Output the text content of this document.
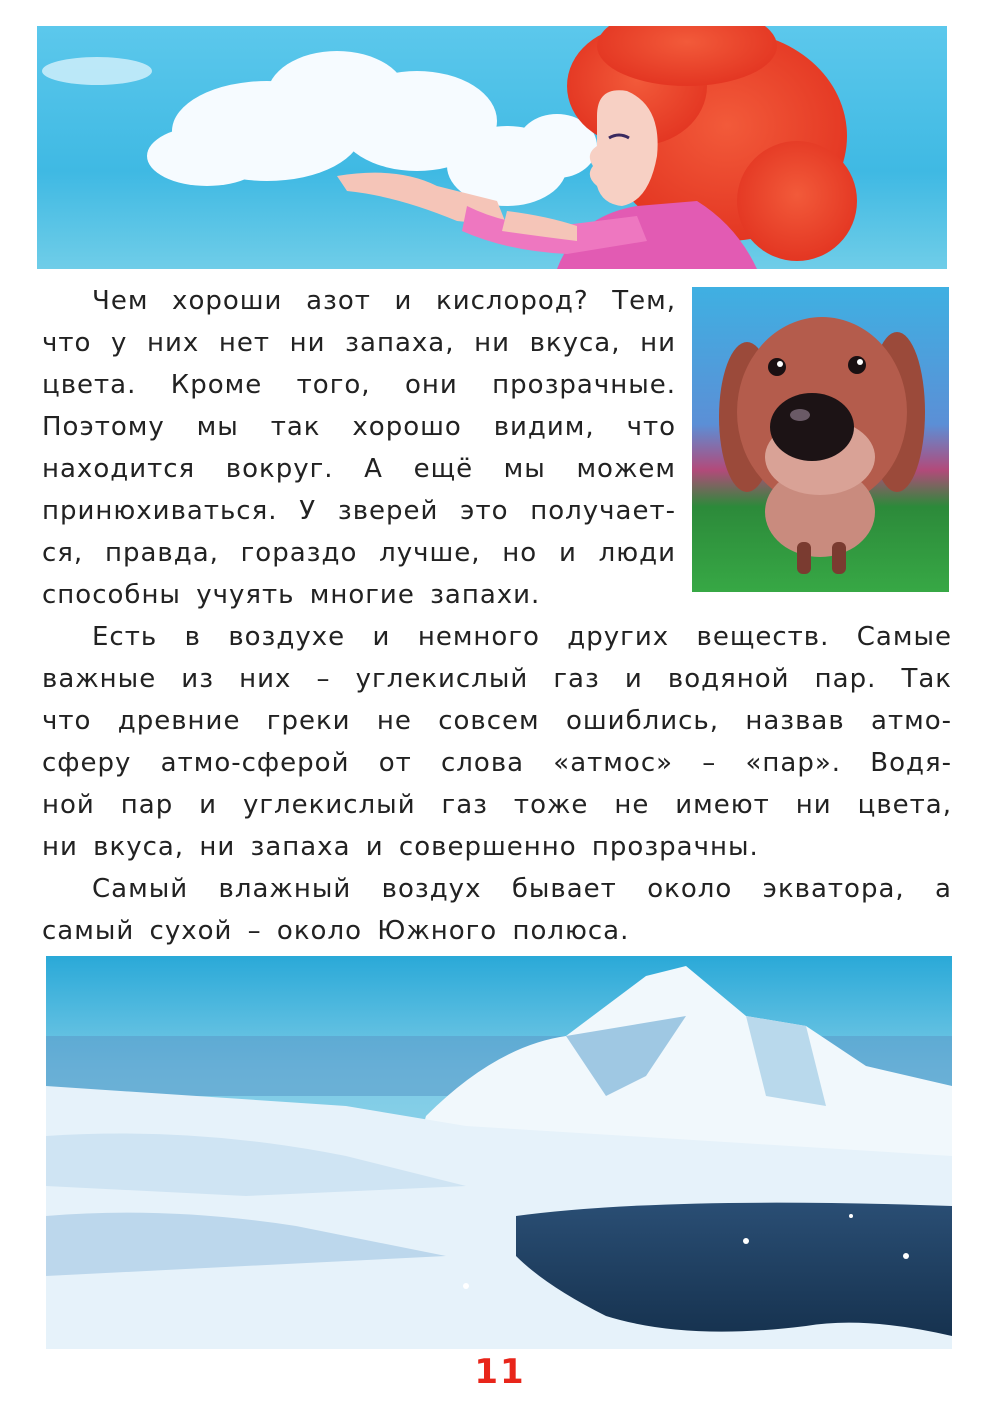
Чем хороши азот и кислород? Тем,
что у них нет ни запаха, ни вкуса, ни
цвета. Кроме того, они прозрачные.
Поэтому мы так хорошо видим, что
находится вокруг. А ещё мы можем
принюхиваться. У зверей это получает-
ся, правда, гораздо лучше, но и люди
способны учуять многие запахи.
Есть в воздухе и немного других веществ. Самые
важные из них – углекислый газ и водяной пар. Так
что древние греки не совсем ошиблись, назвав атмо-
сферу атмо-сферой от слова «атмос» – «пар». Водя-
ной пар и углекислый газ тоже не имеют ни цвета,
ни вкуса, ни запаха и совершенно прозрачны.
Самый влажный воздух бывает около экватора, а
самый сухой – около Южного полюса.
11
